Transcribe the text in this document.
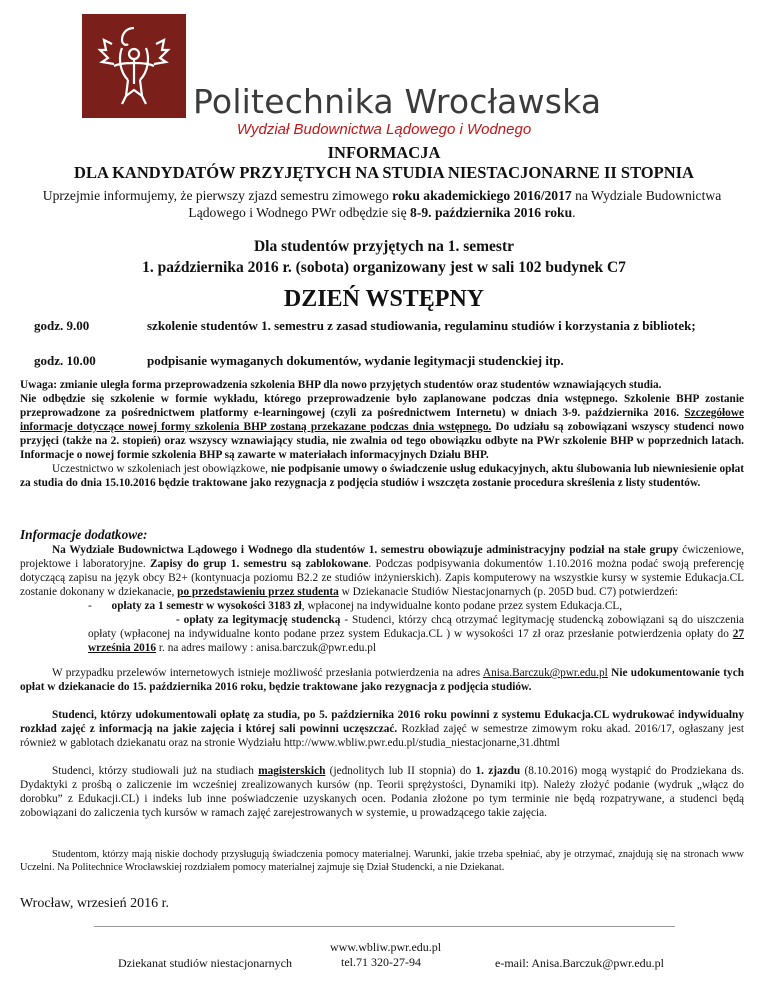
Politechnika Wrocławska
Wydział Budownictwa Lądowego i Wodnego
INFORMACJA
DLA KANDYDATÓW PRZYJĘTYCH NA STUDIA NIESTACJONARNE II STOPNIA
Uprzejmie informujemy, że pierwszy zjazd semestru zimowego roku akademickiego 2016/2017 na Wydziale Budownictwa Lądowego i Wodnego PWr odbędzie się 8-9. października 2016 roku.
Dla studentów przyjętych na 1. semestr
1. października 2016 r. (sobota) organizowany jest w sali 102 budynek C7
DZIEŃ WSTĘPNY
godz. 9.00	szkolenie studentów 1. semestru z zasad studiowania, regulaminu studiów i korzystania z bibliotek;
godz. 10.00	podpisanie wymaganych dokumentów, wydanie legitymacji studenckiej itp.
Uwaga: zmianie uległa forma przeprowadzenia szkolenia BHP dla nowo przyjętych studentów oraz studentów wznawiających studia.
Nie odbędzie się szkolenie w formie wykładu, którego przeprowadzenie było zaplanowane podczas dnia wstępnego. Szkolenie BHP zostanie przeprowadzone za pośrednictwem platformy e-learningowej (czyli za pośrednictwem Internetu) w dniach 3-9. października 2016. Szczegółowe informacje dotyczące nowej formy szkolenia BHP zostaną przekazane podczas dnia wstępnego. Do udziału są zobowiązani wszyscy studenci nowo przyjęci (także na 2. stopień) oraz wszyscy wznawiający studia, nie zwalnia od tego obowiązku odbyte na PWr szkolenie BHP w poprzednich latach. Informacje o nowej formie szkolenia BHP są zawarte w materiałach informacyjnych Działu BHP.
Uczestnictwo w szkoleniach jest obowiązkowe, nie podpisanie umowy o świadczenie usług edukacyjnych, aktu ślubowania lub niewniesienie opłat za studia do dnia 15.10.2016 będzie traktowane jako rezygnacja z podjęcia studiów i wszczęta zostanie procedura skreślenia z listy studentów.
Informacje dodatkowe:
Na Wydziale Budownictwa Lądowego i Wodnego dla studentów 1. semestru obowiązuje administracyjny podział na stałe grupy ćwiczeniowe, projektowe i laboratoryjne. Zapisy do grup 1. semestru są zablokowane. Podczas podpisywania dokumentów 1.10.2016 można podać swoją preferencję dotyczącą zapisu na język obcy B2+ (kontynuacja poziomu B2.2 ze studiów inżynierskich). Zapis komputerowy na wszystkie kursy w systemie Edukacja.CL zostanie dokonany w dziekanacie, po przedstawieniu przez studenta w Dziekanacie Studiów Niestacjonarnych (p. 205D bud. C7) potwierdzeń:
- opłaty za 1 semestr w wysokości 3183 zł, wpłaconej na indywidualne konto podane przez system Edukacja.CL,
- opłaty za legitymację studencką - Studenci, którzy chcą otrzymać legitymację studencką zobowiązani są do uiszczenia opłaty (wpłaconej na indywidualne konto podane przez system Edukacja.CL ) w wysokości 17 zł oraz przesłanie potwierdzenia opłaty do 27 września 2016 r. na adres mailowy : anisa.barczuk@pwr.edu.pl
W przypadku przelewów internetowych istnieje możliwość przesłania potwierdzenia na adres Anisa.Barczuk@pwr.edu.pl Nie udokumentowanie tych opłat w dziekanacie do 15. października 2016 roku, będzie traktowane jako rezygnacja z podjęcia studiów.
Studenci, którzy udokumentowali opłatę za studia, po 5. października 2016 roku powinni z systemu Edukacja.CL wydrukować indywidualny rozkład zajęć z informacją na jakie zajęcia i której sali powinni uczęszczać. Rozkład zajęć w semestrze zimowym roku akad. 2016/17, ogłaszany jest również w gablotach dziekanatu oraz na stronie Wydziału http://www.wbliw.pwr.edu.pl/studia_niestacjonarne,31.dhtml
Studenci, którzy studiowali już na studiach magisterskich (jednolitych lub II stopnia) do 1. zjazdu (8.10.2016) mogą wystąpić do Prodziekana ds. Dydaktyki z prośbą o zaliczenie im wcześniej zrealizowanych kursów (np. Teorii sprężystości, Dynamiki itp). Należy złożyć podanie (wydruk „włącz do dorobku” z Edukacji.CL) i indeks lub inne poświadczenie uzyskanych ocen. Podania złożone po tym terminie nie będą rozpatrywane, a studenci będą zobowiązani do zaliczenia tych kursów w ramach zajęć zarejestrowanych w systemie, u prowadzącego takie zajęcia.
Studentom, którzy mają niskie dochody przysługują świadczenia pomocy materialnej. Warunki, jakie trzeba spełniać, aby je otrzymać, znajdują się na stronach www Uczelni. Na Politechnice Wrocławskiej rozdziałem pomocy materialnej zajmuje się Dział Studencki, a nie Dziekanat.
Wrocław, wrzesień 2016 r.
Dziekanat studiów niestacjonarnych
www.wbliw.pwr.edu.pl
tel.71 320-27-94	e-mail: Anisa.Barczuk@pwr.edu.pl
